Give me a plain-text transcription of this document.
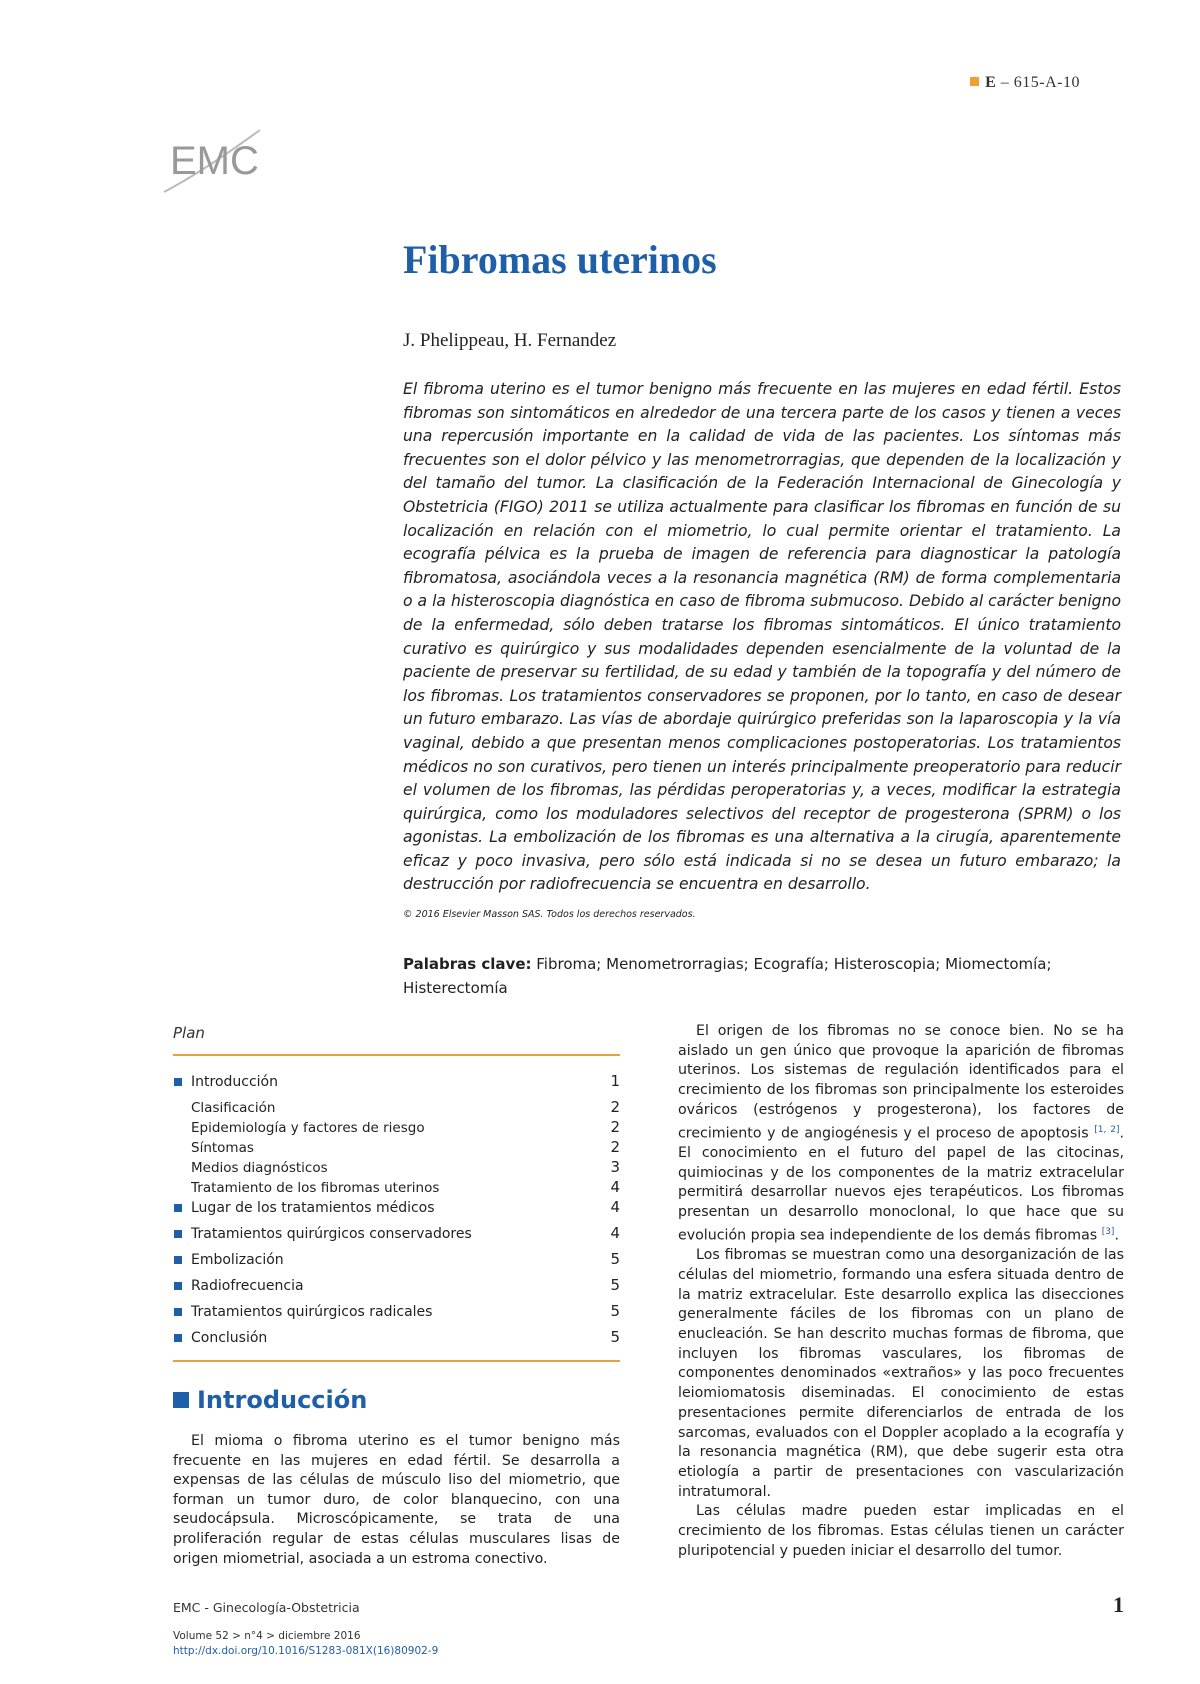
E – 615-A-10
EMC
Fibromas uterinos
J. Phelippeau, H. Fernandez

El fibroma uterino es el tumor benigno más frecuente en las mujeres en edad fértil. Estos fibromas son sintomáticos en alrededor de una tercera parte de los casos y tienen a veces una repercusión importante en la calidad de vida de las pacientes. Los síntomas más frecuentes son el dolor pélvico y las menometrorragias, que dependen de la localización y del tamaño del tumor. La clasificación de la Federación Internacional de Ginecología y Obstetricia (FIGO) 2011 se utiliza actualmente para clasificar los fibromas en función de su localización en relación con el miometrio, lo cual permite orientar el tratamiento. La ecografía pélvica es la prueba de imagen de referencia para diagnosticar la patología fibromatosa, asociándola veces a la resonancia magnética (RM) de forma complementaria o a la histeroscopia diagnóstica en caso de fibroma submucoso. Debido al carácter benigno de la enfermedad, sólo deben tratarse los fibromas sintomáticos. El único tratamiento curativo es quirúrgico y sus modalidades dependen esencialmente de la voluntad de la paciente de preservar su fertilidad, de su edad y también de la topografía y del número de los fibromas. Los tratamientos conservadores se proponen, por lo tanto, en caso de desear un futuro embarazo. Las vías de abordaje quirúrgico preferidas son la laparoscopia y la vía vaginal, debido a que presentan menos complicaciones postoperatorias. Los tratamientos médicos no son curativos, pero tienen un interés principalmente preoperatorio para reducir el volumen de los fibromas, las pérdidas peroperatorias y, a veces, modificar la estrategia quirúrgica, como los moduladores selectivos del receptor de progesterona (SPRM) o los agonistas. La embolización de los fibromas es una alternativa a la cirugía, aparentemente eficaz y poco invasiva, pero sólo está indicada si no se desea un futuro embarazo; la destrucción por radiofrecuencia se encuentra en desarrollo.

© 2016 Elsevier Masson SAS. Todos los derechos reservados.
Palabras clave: Fibroma; Menometrorragias; Ecografía; Histeroscopia; Miomectomía; Histerectomía
Plan
Introducción	1
Clasificación	2
Epidemiología y factores de riesgo	2
Síntomas	2
Medios diagnósticos	3
Tratamiento de los fibromas uterinos	4
Lugar de los tratamientos médicos	4
Tratamientos quirúrgicos conservadores	4
Embolización	5
Radiofrecuencia	5
Tratamientos quirúrgicos radicales	5
Conclusión	5
Introducción

El mioma o fibroma uterino es el tumor benigno más frecuente en las mujeres en edad fértil. Se desarrolla a expensas de las células de músculo liso del miometrio, que forman un tumor duro, de color blanquecino, con una seudocápsula. Microscópicamente, se trata de una proliferación regular de estas células musculares lisas de origen miometrial, asociada a un estroma conectivo.

El origen de los fibromas no se conoce bien. No se ha aislado un gen único que provoque la aparición de fibromas uterinos. Los sistemas de regulación identificados para el crecimiento de los fibromas son principalmente los esteroides ováricos (estrógenos y progesterona), los factores de crecimiento y de angiogénesis y el proceso de apoptosis [1, 2]. El conocimiento en el futuro del papel de las citocinas, quimiocinas y de los componentes de la matriz extracelular permitirá desarrollar nuevos ejes terapéuticos. Los fibromas presentan un desarrollo monoclonal, lo que hace que su evolución propia sea independiente de los demás fibromas [3].

Los fibromas se muestran como una desorganización de las células del miometrio, formando una esfera situada dentro de la matriz extracelular. Este desarrollo explica las disecciones generalmente fáciles de los fibromas con un plano de enucleación. Se han descrito muchas formas de fibroma, que incluyen los fibromas vasculares, los fibromas de componentes denominados «extraños» y las poco frecuentes leiomiomatosis diseminadas. El conocimiento de estas presentaciones permite diferenciarlos de entrada de los sarcomas, evaluados con el Doppler acoplado a la ecografía y la resonancia magnética (RM), que debe sugerir esta otra etiología a partir de presentaciones con vascularización intratumoral.

Las células madre pueden estar implicadas en el crecimiento de los fibromas. Estas células tienen un carácter pluripotencial y pueden iniciar el desarrollo del tumor.

EMC - Ginecología-Obstetricia
Volume 52 > n°4 > diciembre 2016
http://dx.doi.org/10.1016/S1283-081X(16)80902-9
1
